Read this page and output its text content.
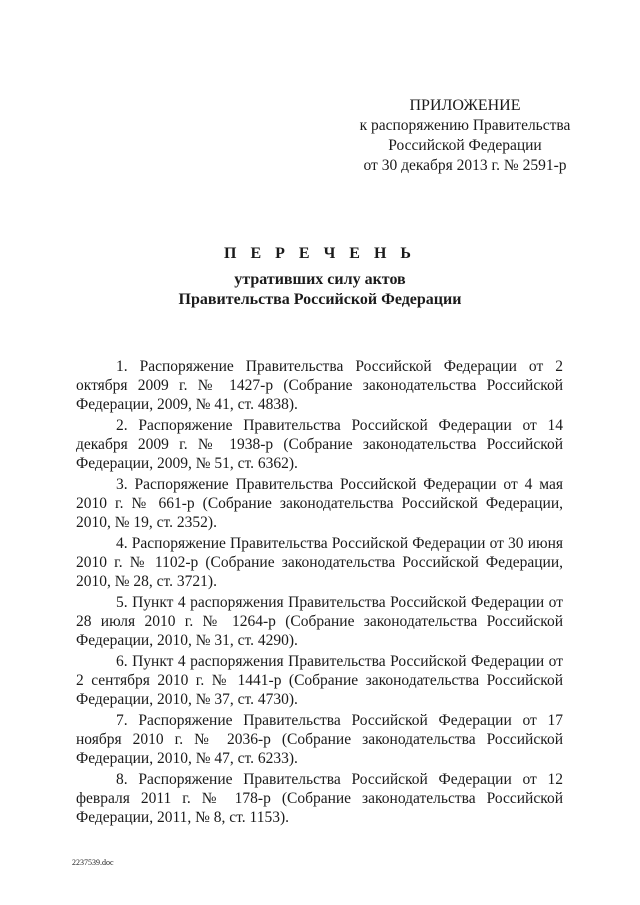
ПРИЛОЖЕНИЕ
к распоряжению Правительства
Российской Федерации
от 30 декабря 2013 г. № 2591-р
П Е Р Е Ч Е Н Ь
утративших силу актов
Правительства Российской Федерации

1. Распоряжение Правительства Российской Федерации от 2 октября 2009 г. № 1427-р (Собрание законодательства Российской Федерации, 2009, № 41, ст. 4838).

2. Распоряжение Правительства Российской Федерации от 14 декабря 2009 г. № 1938-р (Собрание законодательства Российской Федерации, 2009, № 51, ст. 6362).

3. Распоряжение Правительства Российской Федерации от 4 мая 2010 г. № 661-р (Собрание законодательства Российской Федерации, 2010, № 19, ст. 2352).

4. Распоряжение Правительства Российской Федерации от 30 июня 2010 г. № 1102-р (Собрание законодательства Российской Федерации, 2010, № 28, ст. 3721).

5. Пункт 4 распоряжения Правительства Российской Федерации от 28 июля 2010 г. № 1264-р (Собрание законодательства Российской Федерации, 2010, № 31, ст. 4290).

6. Пункт 4 распоряжения Правительства Российской Федерации от 2 сентября 2010 г. № 1441-р (Собрание законодательства Российской Федерации, 2010, № 37, ст. 4730).

7. Распоряжение Правительства Российской Федерации от 17 ноября 2010 г. № 2036-р (Собрание законодательства Российской Федерации, 2010, № 47, ст. 6233).

8. Распоряжение Правительства Российской Федерации от 12 февраля 2011 г. № 178-р (Собрание законодательства Российской Федерации, 2011, № 8, ст. 1153).

2237539.doc
